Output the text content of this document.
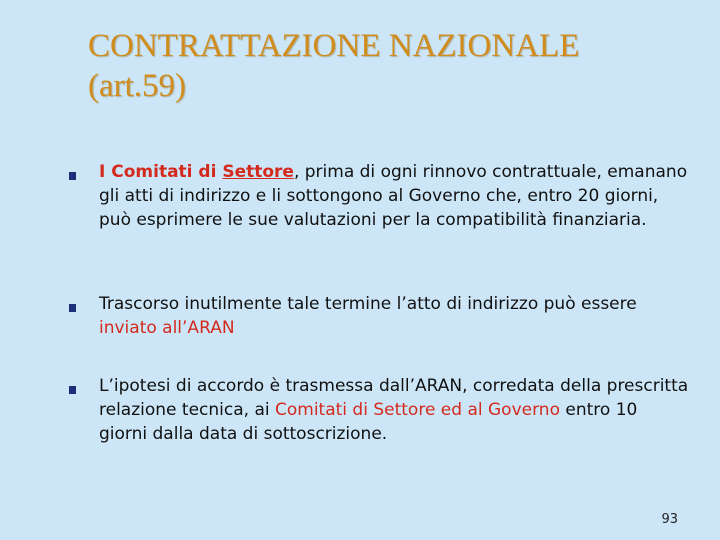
CONTRATTAZIONE NAZIONALE
(art.59)

I Comitati di Settore, prima di ogni rinnovo contrattuale, emanano gli atti di indirizzo e li sottongono al Governo che, entro 20 giorni, può esprimere le sue valutazioni per la compatibilità finanziaria.

Trascorso inutilmente tale termine l’atto di indirizzo può essere inviato all’ARAN

L’ipotesi di accordo è trasmessa dall’ARAN, corredata della prescritta relazione tecnica, ai Comitati di Settore ed al Governo entro 10 giorni dalla data di sottoscrizione.

93
